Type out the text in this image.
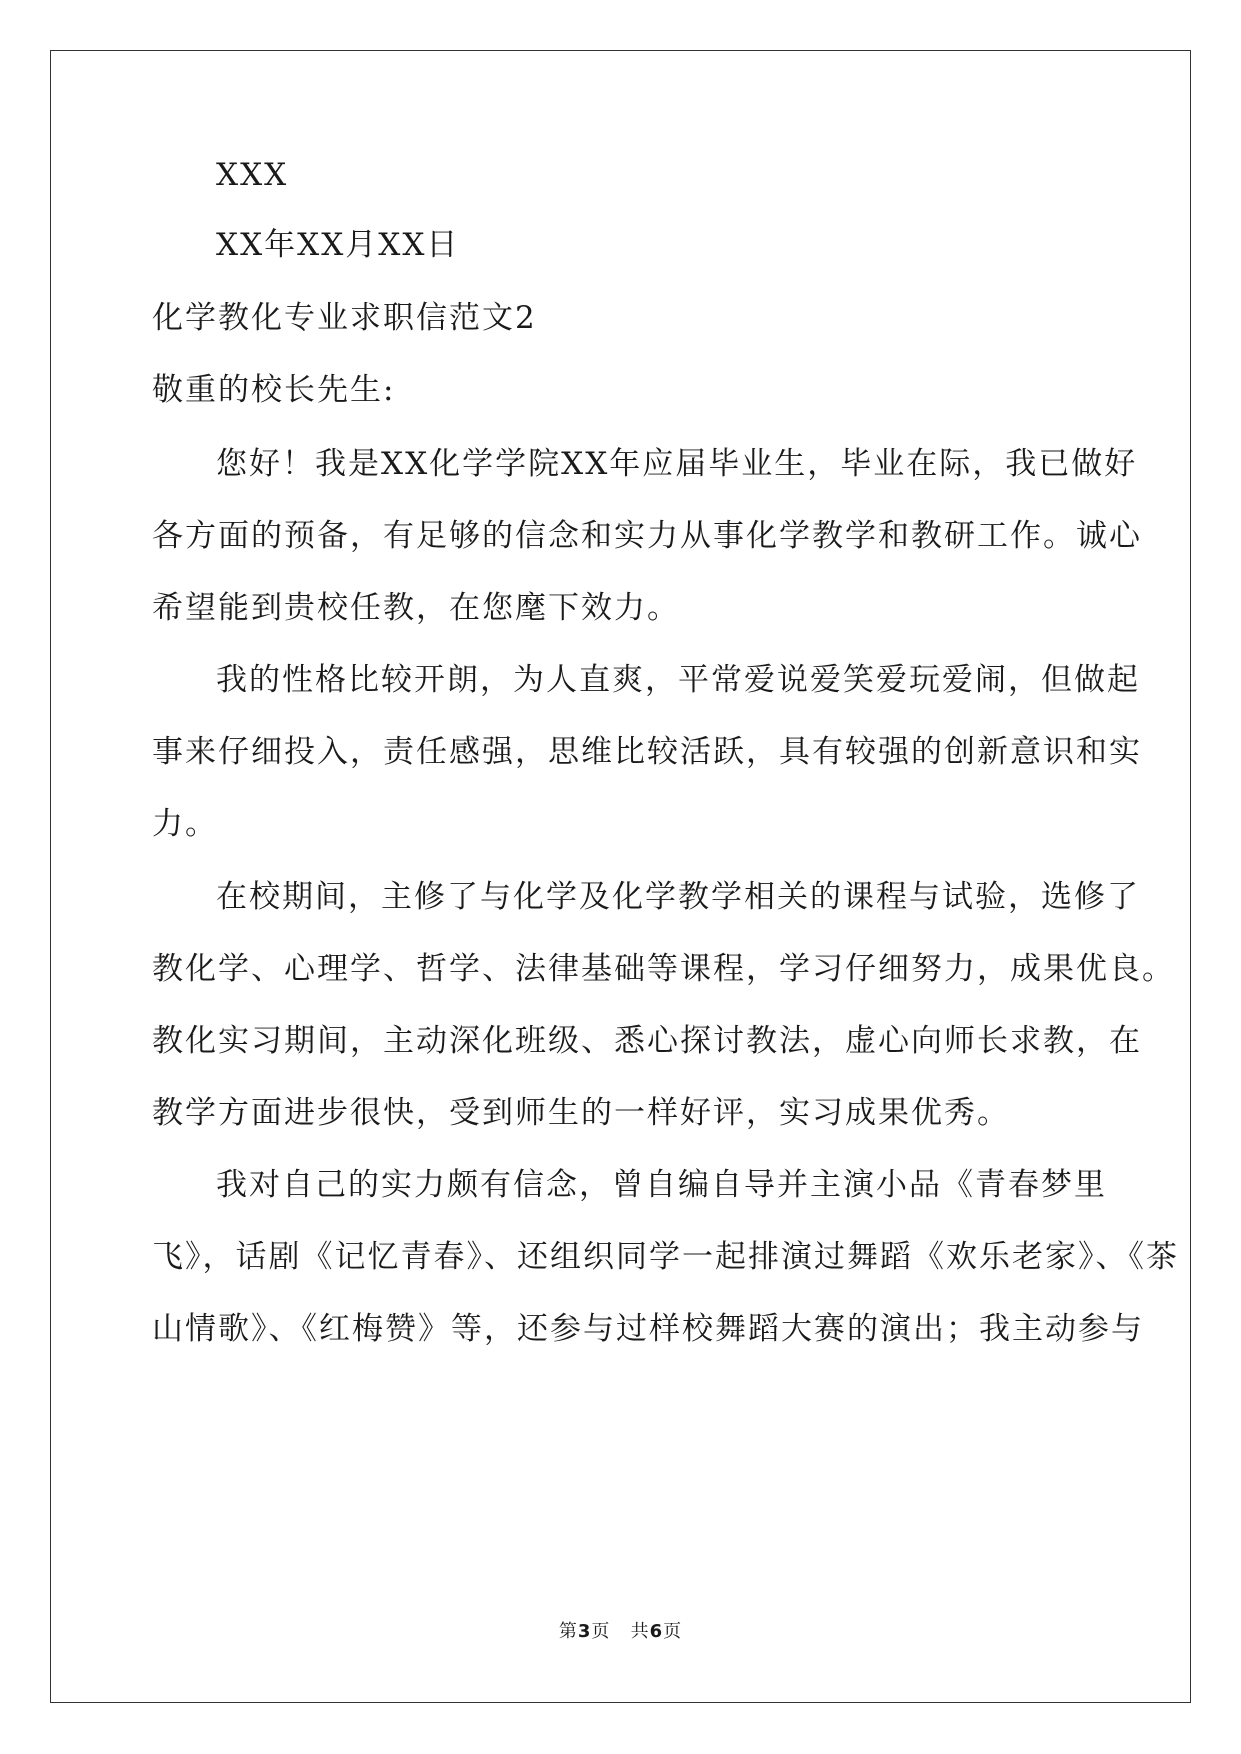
XXX
XX年XX月XX日
化学教化专业求职信范文2
敬重的校长先生:
您好！我是XX化学学院XX年应届毕业生，毕业在际，我已做好
各方面的预备，有足够的信念和实力从事化学教学和教研工作。诚心
希望能到贵校任教，在您麾下效力。
我的性格比较开朗，为人直爽，平常爱说爱笑爱玩爱闹，但做起
事来仔细投入，责任感强，思维比较活跃，具有较强的创新意识和实
力。
在校期间，主修了与化学及化学教学相关的课程与试验，选修了
教化学、心理学、哲学、法律基础等课程，学习仔细努力，成果优良。
教化实习期间，主动深化班级、悉心探讨教法，虚心向师长求教，在
教学方面进步很快，受到师生的一样好评，实习成果优秀。
我对自己的实力颇有信念，曾自编自导并主演小品《青春梦里
飞》，话剧《记忆青春》、还组织同学一起排演过舞蹈《欢乐老家》、《茶
山情歌》、《红梅赞》等，还参与过样校舞蹈大赛的演出；我主动参与
第3页   共6页
